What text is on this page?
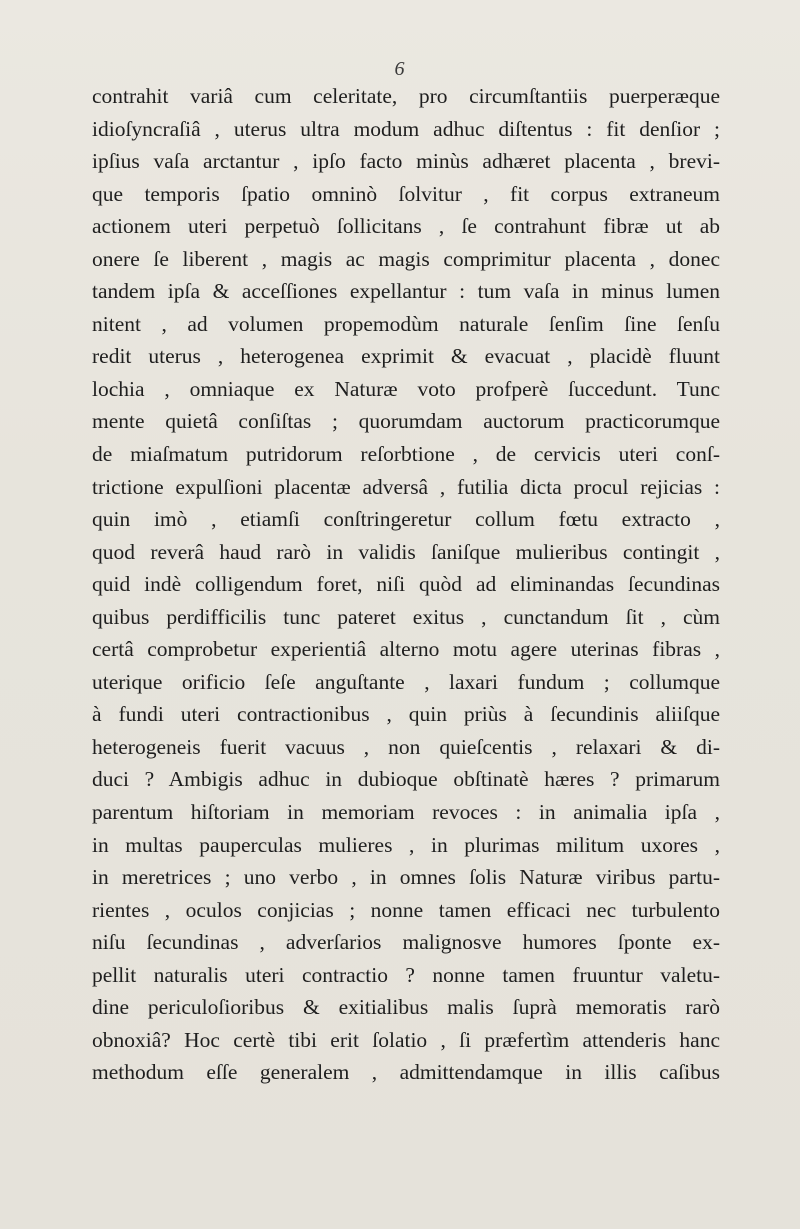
6
contrahit variâ cum celeritate, pro circumſtantiis puerperæque
idioſyncraſiâ , uterus ultra modum adhuc diſtentus : fit denſior ;
ipſius vaſa arctantur , ipſo facto minùs adhæret placenta , brevi-
que temporis ſpatio omninò ſolvitur , fit corpus extraneum
actionem uteri perpetuò ſollicitans , ſe contrahunt fibræ ut ab
onere ſe liberent , magis ac magis comprimitur placenta , donec
tandem ipſa & acceſſiones expellantur : tum vaſa in minus lumen
nitent , ad volumen propemodùm naturale ſenſim ſine ſenſu
redit uterus , heterogenea exprimit & evacuat , placidè fluunt
lochia , omniaque ex Naturæ voto profperè ſuccedunt. Tunc
mente quietâ conſiſtas ; quorumdam auctorum practicorumque
de miaſmatum putridorum reſorbtione , de cervicis uteri conſ-
trictione expulſioni placentæ adversâ , futilia dicta procul rejicias :
quin imò , etiamſi conſtringeretur collum fœtu extracto ,
quod reverâ haud rarò in validis ſaniſque mulieribus contingit ,
quid indè colligendum foret, niſi quòd ad eliminandas ſecundinas
quibus perdifficilis tunc pateret exitus , cunctandum ſit , cùm
certâ comprobetur experientiâ alterno motu agere uterinas fibras ,
uterique orificio ſeſe anguſtante , laxari fundum ; collumque
à fundi uteri contractionibus , quin priùs à ſecundinis aliiſque
heterogeneis fuerit vacuus , non quieſcentis , relaxari & di-
duci ? Ambigis adhuc in dubioque obſtinatè hæres ? primarum
parentum hiſtoriam in memoriam revoces : in animalia ipſa ,
in multas pauperculas mulieres , in plurimas militum uxores ,
in meretrices ; uno verbo , in omnes ſolis Naturæ viribus partu-
rientes , oculos conjicias ; nonne tamen efficaci nec turbulento
niſu ſecundinas , adverſarios malignosve humores ſponte ex-
pellit naturalis uteri contractio ? nonne tamen fruuntur valetu-
dine periculoſioribus & exitialibus malis ſuprà memoratis rarò
obnoxiâ? Hoc certè tibi erit ſolatio , ſi præfertìm attenderis hanc
methodum eſſe generalem , admittendamque in illis caſibus
